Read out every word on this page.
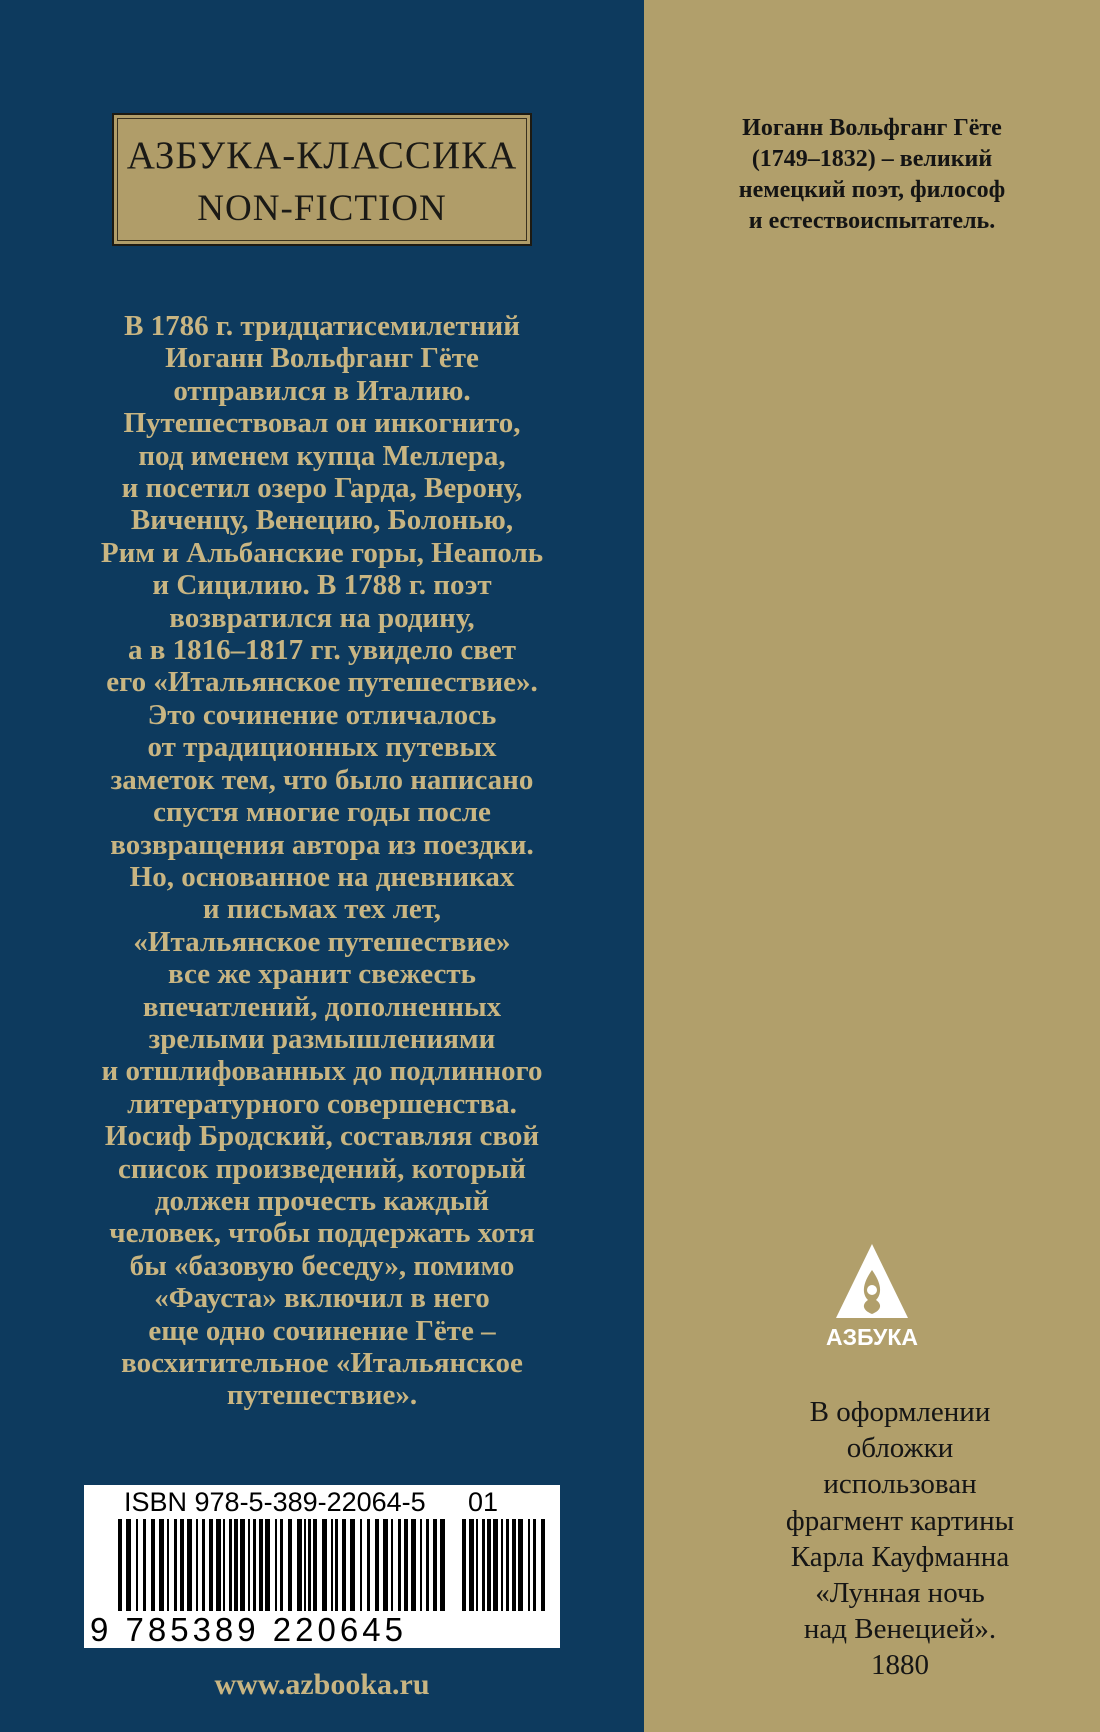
АЗБУКА-КЛАССИКА
NON-FICTION
В 1786 г. тридцатисемилетний
Иоганн Вольфганг Гёте
отправился в Италию.
Путешествовал он инкогнито,
под именем купца Меллера,
и посетил озеро Гарда, Верону,
Виченцу, Венецию, Болонью,
Рим и Альбанские горы, Неаполь
и Сицилию. В 1788 г. поэт
возвратился на родину,
а в 1816–1817 гг. увидело свет
его «Итальянское путешествие».
Это сочинение отличалось
от традиционных путевых
заметок тем, что было написано
спустя многие годы после
возвращения автора из поездки.
Но, основанное на дневниках
и письмах тех лет,
«Итальянское путешествие»
все же хранит свежесть
впечатлений, дополненных
зрелыми размышлениями
и отшлифованных до подлинного
литературного совершенства.
Иосиф Бродский, составляя свой
список произведений, который
должен прочесть каждый
человек, чтобы поддержать хотя
бы «базовую беседу», помимо
«Фауста» включил в него
еще одно сочинение Гёте –
восхитительное «Итальянское
путешествие».
Иоганн Вольфганг Гёте
(1749–1832) – великий
немецкий поэт, философ
и естествоиспытатель.
АЗБУКА
В оформлении
обложки
использован
фрагмент картины
Карла Кауфманна
«Лунная ночь
над Венецией».
1880
ISBN 978-5-389-22064-5 01
9 785389 220645
www.azbooka.ru
